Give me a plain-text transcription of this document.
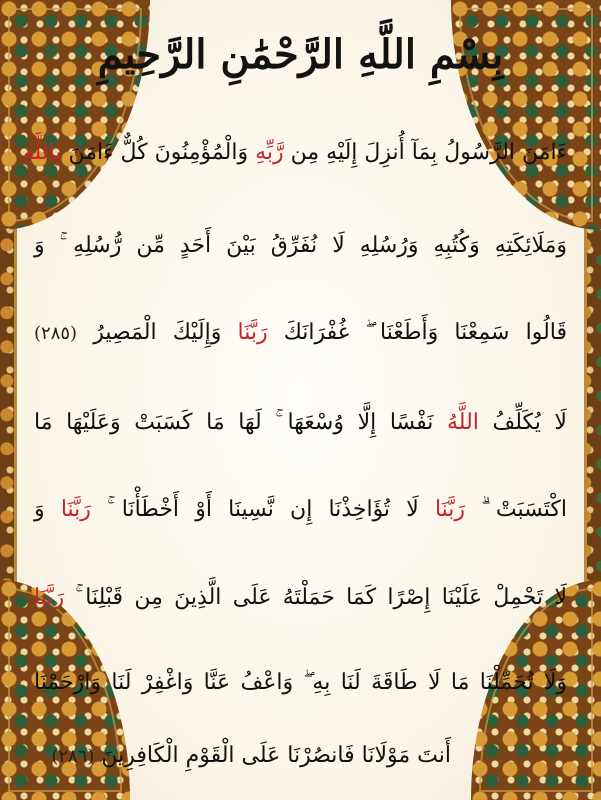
بِسْمِ اللَّهِ الرَّحْمَٰنِ الرَّحِيمِ
ءَامَنَ الرَّسُولُ بِمَآ أُنزِلَ إِلَيْهِ مِن رَّبِّهِ وَالْمُؤْمِنُونَ كُلٌّ ءَامَنَ بِاللَّهِ
وَمَلَائِكَتِهِ وَكُتُبِهِ وَرُسُلِهِ لَا نُفَرِّقُ بَيْنَ أَحَدٍ مِّن رُّسُلِهِ ۚ وَ
قَالُوا سَمِعْنَا وَأَطَعْنَا ۖ غُفْرَانَكَ رَبَّنَا وَإِلَيْكَ الْمَصِيرُ (٢٨٥)
لَا يُكَلِّفُ اللَّهُ نَفْسًا إِلَّا وُسْعَهَا ۚ لَهَا مَا كَسَبَتْ وَعَلَيْهَا مَا
اكْتَسَبَتْ ۗ رَبَّنَا لَا تُؤَاخِذْنَا إِن نَّسِينَا أَوْ أَخْطَأْنَا ۚ رَبَّنَا وَ
لَا تَحْمِلْ عَلَيْنَا إِصْرًا كَمَا حَمَلْتَهُ عَلَى الَّذِينَ مِن قَبْلِنَا ۚ رَبَّنَا
وَلَا تُحَمِّلْنَا مَا لَا طَاقَةَ لَنَا بِهِ ۖ وَاعْفُ عَنَّا وَاغْفِرْ لَنَا وَارْحَمْنَا
أَنتَ مَوْلَانَا فَانصُرْنَا عَلَى الْقَوْمِ الْكَافِرِينَ (٢٨٦)
